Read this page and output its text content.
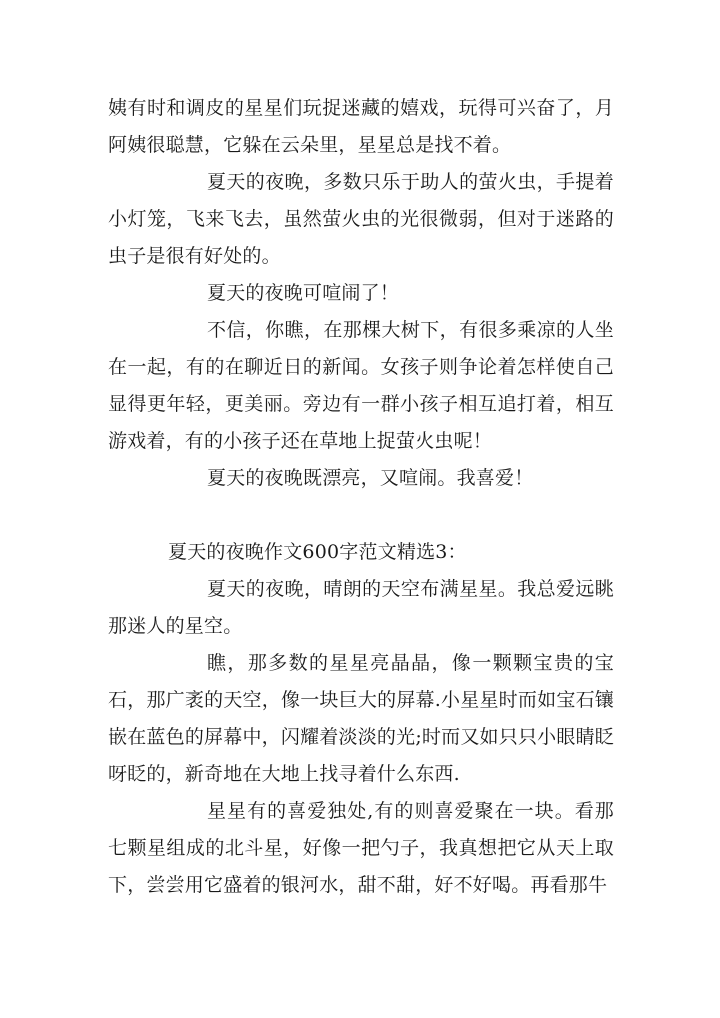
姨有时和调皮的星星们玩捉迷藏的嬉戏，玩得可兴奋了，月阿姨很聪慧，它躲在云朵里，星星总是找不着。

夏天的夜晚，多数只乐于助人的萤火虫，手提着小灯笼，飞来飞去，虽然萤火虫的光很微弱，但对于迷路的虫子是很有好处的。

夏天的夜晚可喧闹了！

不信，你瞧，在那棵大树下，有很多乘凉的人坐在一起，有的在聊近日的新闻。女孩子则争论着怎样使自己显得更年轻，更美丽。旁边有一群小孩子相互追打着，相互游戏着，有的小孩子还在草地上捉萤火虫呢！

夏天的夜晚既漂亮，又喧闹。我喜爱！

夏天的夜晚作文600字范文精选3：

夏天的夜晚，晴朗的天空布满星星。我总爱远眺那迷人的星空。

瞧，那多数的星星亮晶晶，像一颗颗宝贵的宝石，那广袤的天空，像一块巨大的屏幕.小星星时而如宝石镶嵌在蓝色的屏幕中，闪耀着淡淡的光;时而又如只只小眼睛眨呀眨的，新奇地在大地上找寻着什么东西.

星星有的喜爱独处,有的则喜爱聚在一块。看那七颗星组成的北斗星，好像一把勺子，我真想把它从天上取下，尝尝用它盛着的银河水，甜不甜，好不好喝。再看那牛
